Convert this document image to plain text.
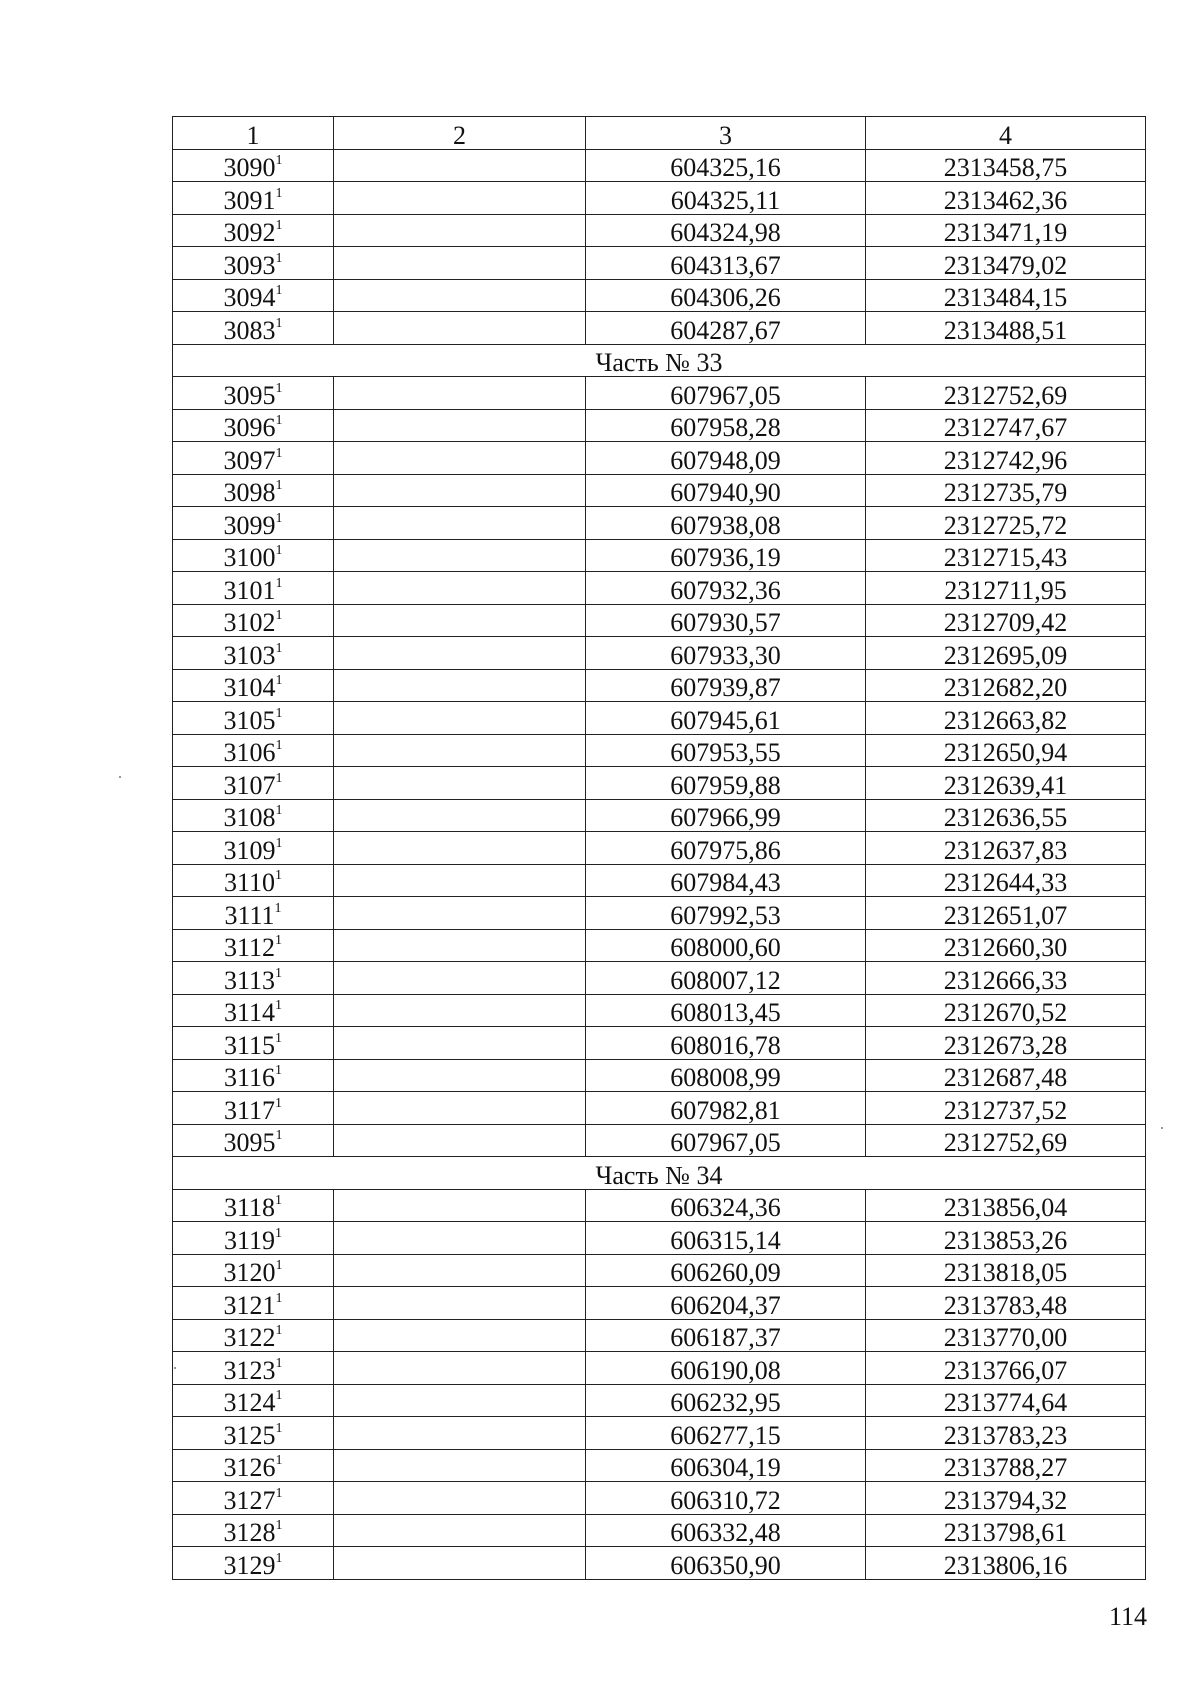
1	2	3	4
3090$^1$		604325,16	2313458,75
3091$^1$		604325,11	2313462,36
3092$^1$		604324,98	2313471,19
3093$^1$		604313,67	2313479,02
3094$^1$		604306,26	2313484,15
3083$^1$		604287,67	2313488,51
Часть № 33			
3095$^1$		607967,05	2312752,69
3096$^1$		607958,28	2312747,67
3097$^1$		607948,09	2312742,96
3098$^1$		607940,90	2312735,79
3099$^1$		607938,08	2312725,72
3100$^1$		607936,19	2312715,43
3101$^1$		607932,36	2312711,95
3102$^1$		607930,57	2312709,42
3103$^1$		607933,30	2312695,09
3104$^1$		607939,87	2312682,20
3105$^1$		607945,61	2312663,82
3106$^1$		607953,55	2312650,94
3107$^1$		607959,88	2312639,41
3108$^1$		607966,99	2312636,55
3109$^1$		607975,86	2312637,83
3110$^1$		607984,43	2312644,33
3111$^1$		607992,53	2312651,07
3112$^1$		608000,60	2312660,30
3113$^1$		608007,12	2312666,33
3114$^1$		608013,45	2312670,52
3115$^1$		608016,78	2312673,28
3116$^1$		608008,99	2312687,48
3117$^1$		607982,81	2312737,52
3095$^1$		607967,05	2312752,69
Часть № 34			
3118$^1$		606324,36	2313856,04
3119$^1$		606315,14	2313853,26
3120$^1$		606260,09	2313818,05
3121$^1$		606204,37	2313783,48
3122$^1$		606187,37	2313770,00
3123$^1$		606190,08	2313766,07
3124$^1$		606232,95	2313774,64
3125$^1$		606277,15	2313783,23
3126$^1$		606304,19	2313788,27
3127$^1$		606310,72	2313794,32
3128$^1$		606332,48	2313798,61
3129$^1$		606350,90	2313806,16
114
